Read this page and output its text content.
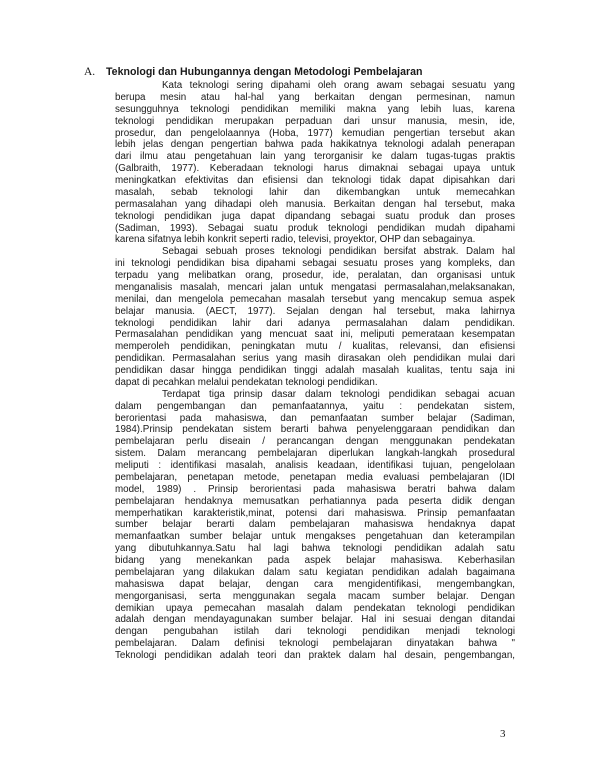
A. Teknologi dan Hubungannya dengan Metodologi Pembelajaran
Kata teknologi sering dipahami oleh orang awam sebagai sesuatu yang
berupa mesin atau hal-hal yang berkaitan dengan permesinan, namun
sesungguhnya teknologi pendidikan memiliki makna yang lebih luas, karena
teknologi pendidikan merupakan perpaduan dari unsur manusia, mesin, ide,
prosedur, dan pengelolaannya (Hoba, 1977) kemudian pengertian tersebut akan
lebih jelas dengan pengertian bahwa pada hakikatnya teknologi adalah penerapan
dari ilmu atau pengetahuan lain yang terorganisir ke dalam tugas-tugas praktis
(Galbraith, 1977). Keberadaan teknologi harus dimaknai sebagai upaya untuk
meningkatkan efektivitas dan efisiensi dan teknologi tidak dapat dipisahkan dari
masalah, sebab teknologi lahir dan dikembangkan untuk memecahkan
permasalahan yang dihadapi oleh manusia. Berkaitan dengan hal tersebut, maka
teknologi pendidikan juga dapat dipandang sebagai suatu produk dan proses
(Sadiman, 1993). Sebagai suatu produk teknologi pendidikan mudah dipahami
karena sifatnya lebih konkrit seperti radio, televisi, proyektor, OHP dan sebagainya.
Sebagai sebuah proses teknologi pendidikan bersifat abstrak. Dalam hal
ini teknologi pendidikan bisa dipahami sebagai sesuatu proses yang kompleks, dan
terpadu yang melibatkan orang, prosedur, ide, peralatan, dan organisasi untuk
menganalisis masalah, mencari jalan untuk mengatasi permasalahan,melaksanakan,
menilai, dan mengelola pemecahan masalah tersebut yang mencakup semua aspek
belajar manusia. (AECT, 1977). Sejalan dengan hal tersebut, maka lahirnya
teknologi pendidikan lahir dari adanya permasalahan dalam pendidikan.
Permasalahan pendidikan yang mencuat saat ini, meliputi pemerataan kesempatan
memperoleh pendidikan, peningkatan mutu / kualitas, relevansi, dan efisiensi
pendidikan. Permasalahan serius yang masih dirasakan oleh pendidikan mulai dari
pendidikan dasar hingga pendidikan tinggi adalah masalah kualitas, tentu saja ini
dapat di pecahkan melalui pendekatan teknologi pendidikan.
Terdapat tiga prinsip dasar dalam teknologi pendidikan sebagai acuan
dalam pengembangan dan pemanfaatannya, yaitu : pendekatan sistem,
berorientasi pada mahasiswa, dan pemanfaatan sumber belajar (Sadiman,
1984).Prinsip pendekatan sistem berarti bahwa penyelenggaraan pendidikan dan
pembelajaran perlu diseain / perancangan dengan menggunakan pendekatan
sistem. Dalam merancang pembelajaran diperlukan langkah-langkah prosedural
meliputi : identifikasi masalah, analisis keadaan, identifikasi tujuan, pengelolaan
pembelajaran, penetapan metode, penetapan media evaluasi pembelajaran (IDI
model, 1989) . Prinsip berorientasi pada mahasiswa beratri bahwa dalam
pembelajaran hendaknya memusatkan perhatiannya pada peserta didik dengan
memperhatikan karakteristik,minat, potensi dari mahasiswa. Prinsip pemanfaatan
sumber belajar berarti dalam pembelajaran mahasiswa hendaknya dapat
memanfaatkan sumber belajar untuk mengakses pengetahuan dan keterampilan
yang dibutuhkannya.Satu hal lagi bahwa teknologi pendidikan adalah satu
bidang yang menekankan pada aspek belajar mahasiswa. Keberhasilan
pembelajaran yang dilakukan dalam satu kegiatan pendidikan adalah bagaimana
mahasiswa dapat belajar, dengan cara mengidentifikasi, mengembangkan,
mengorganisasi, serta menggunakan segala macam sumber belajar. Dengan
demikian upaya pemecahan masalah dalam pendekatan teknologi pendidikan
adalah dengan mendayagunakan sumber belajar. Hal ini sesuai dengan ditandai
dengan pengubahan istilah dari teknologi pendidikan menjadi teknologi
pembelajaran. Dalam definisi teknologi pembelajaran dinyatakan bahwa "
Teknologi pendidikan adalah teori dan praktek dalam hal desain, pengembangan,
3
